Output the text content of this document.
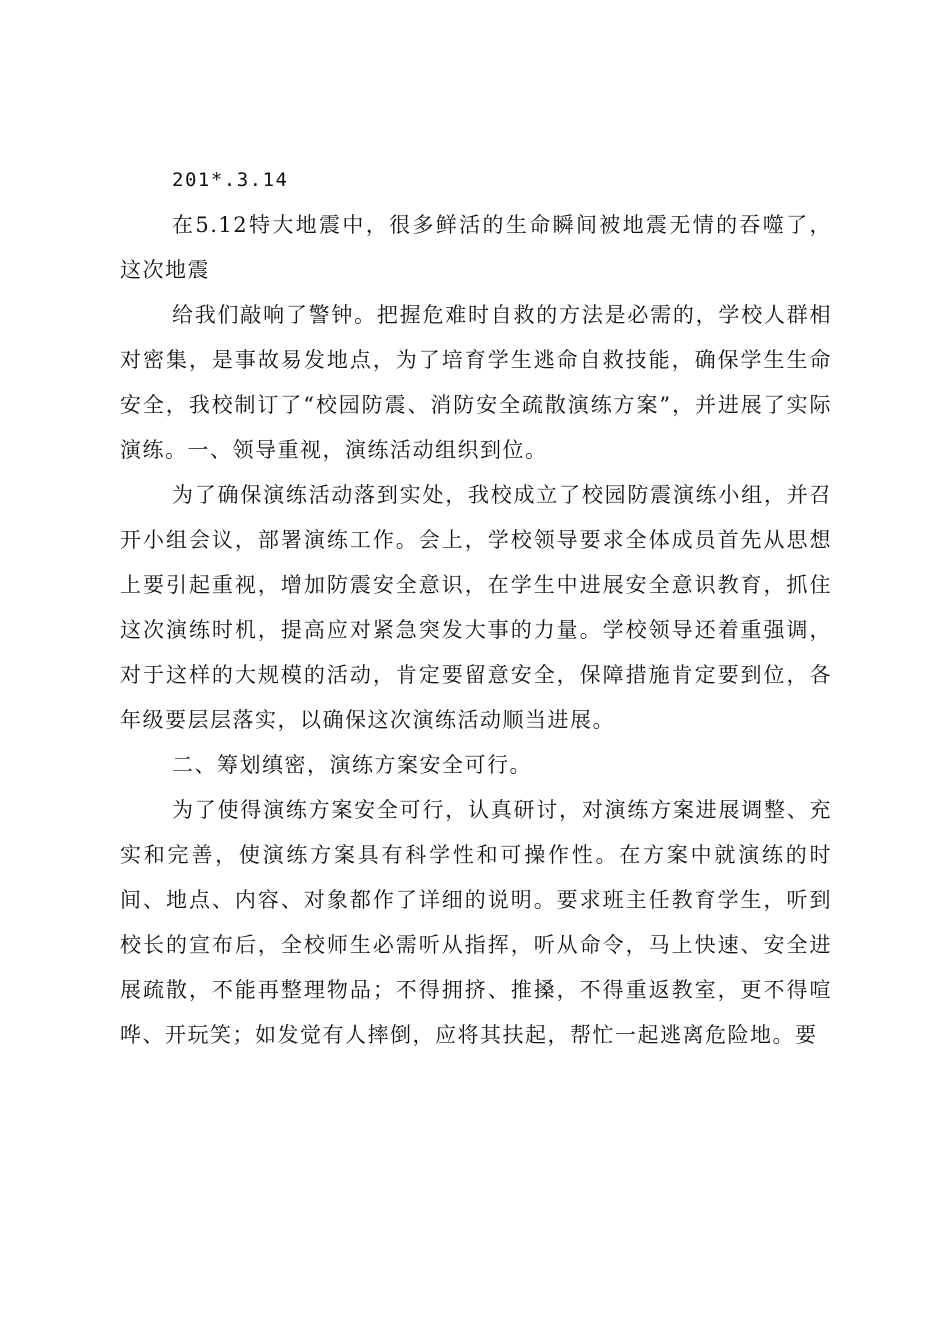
201*.3.14

在5.12特大地震中，很多鲜活的生命瞬间被地震无情的吞噬了，这次地震

给我们敲响了警钟。把握危难时自救的方法是必需的，学校人群相对密集，是事故易发地点，为了培育学生逃命自救技能，确保学生生命安全，我校制订了“校园防震、消防安全疏散演练方案”，并进展了实际演练。一、领导重视，演练活动组织到位。

为了确保演练活动落到实处，我校成立了校园防震演练小组，并召开小组会议，部署演练工作。会上，学校领导要求全体成员首先从思想上要引起重视，增加防震安全意识，在学生中进展安全意识教育，抓住这次演练时机，提高应对紧急突发大事的力量。学校领导还着重强调，对于这样的大规模的活动，肯定要留意安全，保障措施肯定要到位，各年级要层层落实，以确保这次演练活动顺当进展。

二、筹划缜密，演练方案安全可行。

为了使得演练方案安全可行，认真研讨，对演练方案进展调整、充实和完善，使演练方案具有科学性和可操作性。在方案中就演练的时间、地点、内容、对象都作了详细的说明。要求班主任教育学生，听到校长的宣布后，全校师生必需听从指挥，听从命令，马上快速、安全进展疏散，不能再整理物品；不得拥挤、推搡，不得重返教室，更不得喧哗、开玩笑；如发觉有人摔倒，应将其扶起，帮忙一起逃离危险地。要
